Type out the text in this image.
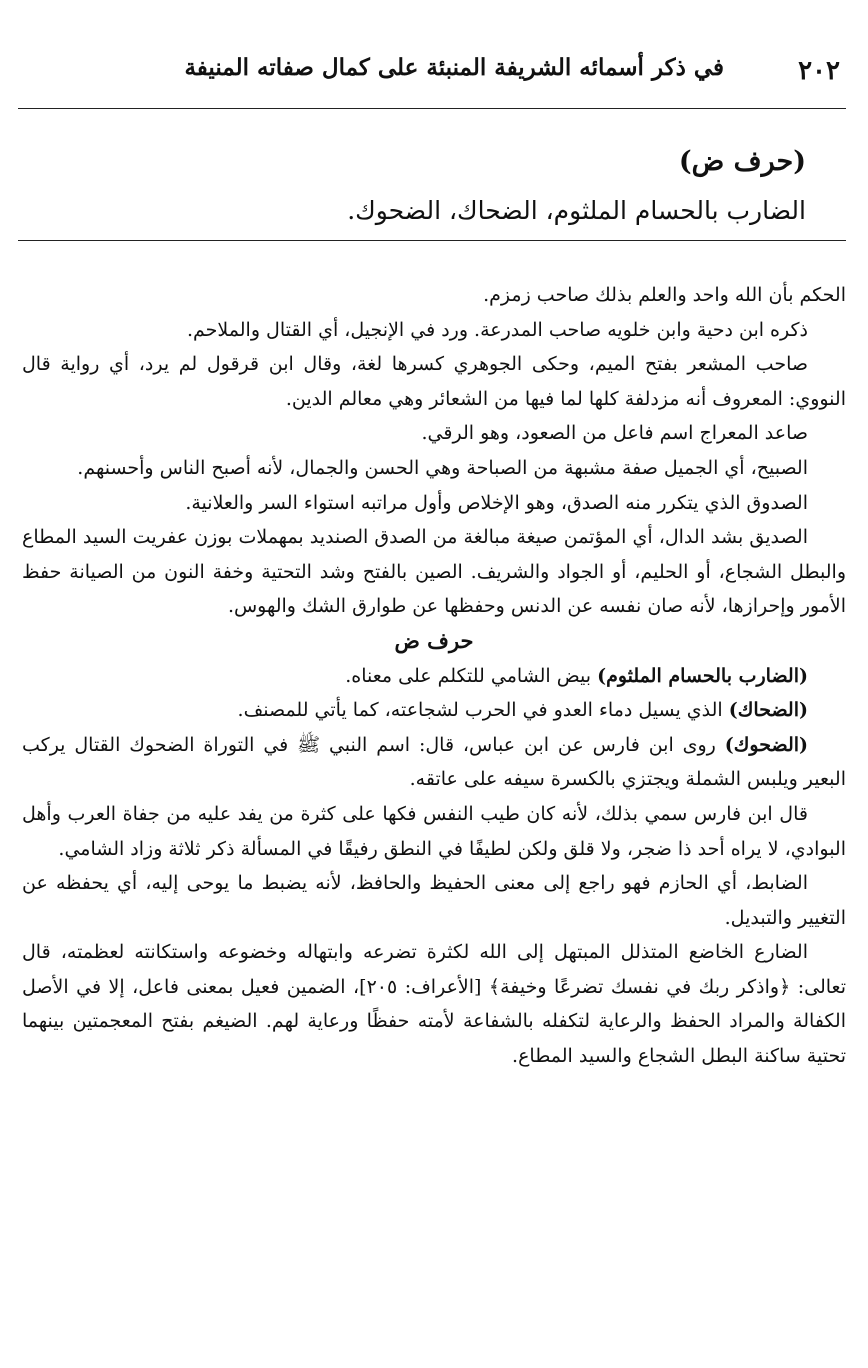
٢٠٢
في ذكر أسمائه الشريفة المنبئة على كمال صفاته المنيفة
(حرف ض)
الضارب بالحسام الملثوم، الضحاك، الضحوك.

الحكم بأن الله واحد والعلم بذلك صاحب زمزم.

ذكره ابن دحية وابن خلويه صاحب المدرعة. ورد في الإنجيل، أي القتال والملاحم.

صاحب المشعر بفتح الميم، وحكى الجوهري كسرها لغة، وقال ابن قرقول لم يرد، أي رواية قال النووي: المعروف أنه مزدلفة كلها لما فيها من الشعائر وهي معالم الدين.

صاعد المعراج اسم فاعل من الصعود، وهو الرقي.

الصبيح، أي الجميل صفة مشبهة من الصباحة وهي الحسن والجمال، لأنه أصبح الناس وأحسنهم.

الصدوق الذي يتكرر منه الصدق، وهو الإخلاص وأول مراتبه استواء السر والعلانية.

الصديق بشد الدال، أي المؤتمن صيغة مبالغة من الصدق الصنديد بمهملات بوزن عفريت السيد المطاع والبطل الشجاع، أو الحليم، أو الجواد والشريف. الصين بالفتح وشد التحتية وخفة النون من الصيانة حفظ الأمور وإحرازها، لأنه صان نفسه عن الدنس وحفظها عن طوارق الشك والهوس.

حرف ض

(الضارب بالحسام الملثوم) بيض الشامي للتكلم على معناه.

(الضحاك) الذي يسيل دماء العدو في الحرب لشجاعته، كما يأتي للمصنف.

(الضحوك) روى ابن فارس عن ابن عباس، قال: اسم النبي ﷺ في التوراة الضحوك القتال يركب البعير ويلبس الشملة ويجتزي بالكسرة سيفه على عاتقه.

قال ابن فارس سمي بذلك، لأنه كان طيب النفس فكها على كثرة من يفد عليه من جفاة العرب وأهل البوادي، لا يراه أحد ذا ضجر، ولا قلق ولكن لطيفًا في النطق رفيقًا في المسألة ذكر ثلاثة وزاد الشامي.

الضابط، أي الحازم فهو راجع إلى معنى الحفيظ والحافظ، لأنه يضبط ما يوحى إليه، أي يحفظه عن التغيير والتبديل.

الضارع الخاضع المتذلل المبتهل إلى الله لكثرة تضرعه وابتهاله وخضوعه واستكانته لعظمته، قال تعالى: ﴿واذكر ربك في نفسك تضرعًا وخيفة﴾ [الأعراف: ٢٠٥]، الضمين فعيل بمعنى فاعل، إلا في الأصل الكفالة والمراد الحفظ والرعاية لتكفله بالشفاعة لأمته حفظًا ورعاية لهم. الضيغم بفتح المعجمتين بينهما تحتية ساكنة البطل الشجاع والسيد المطاع.
